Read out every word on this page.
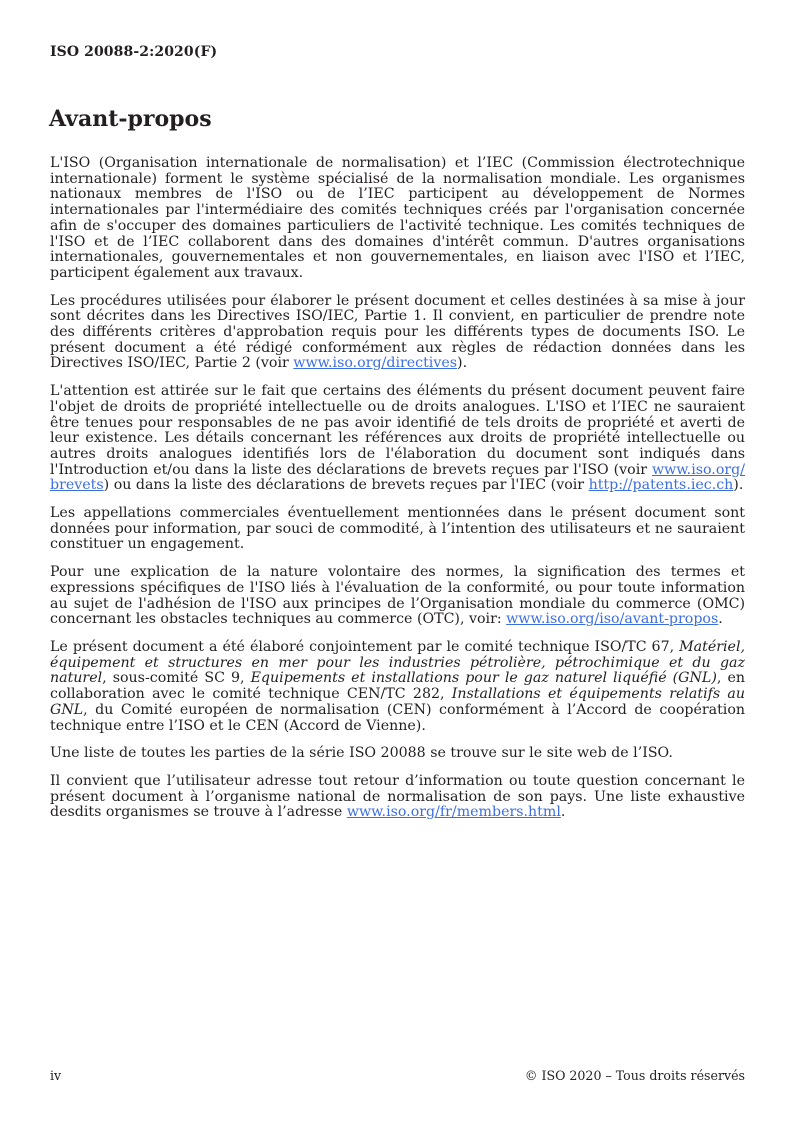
ISO 20088-2:2020(F)
Avant-propos

L'ISO (Organisation internationale de normalisation) et l’IEC (Commission électrotechnique internationale) forment le système spécialisé de la normalisation mondiale. Les organismes nationaux membres de l'ISO ou de l’IEC participent au développement de Normes internationales par l'intermédiaire des comités techniques créés par l'organisation concernée afin de s'occuper des domaines particuliers de l'activité technique. Les comités techniques de l'ISO et de l’IEC collaborent dans des domaines d'intérêt commun. D'autres organisations internationales, gouvernementales et non gouvernementales, en liaison avec l'ISO et l’IEC, participent également aux travaux.

Les procédures utilisées pour élaborer le présent document et celles destinées à sa mise à jour sont décrites dans les Directives ISO/IEC, Partie 1. Il convient, en particulier de prendre note des différents critères d'approbation requis pour les différents types de documents ISO. Le présent document a été rédigé conformément aux règles de rédaction données dans les Directives ISO/IEC, Partie 2 (voir www.iso.org/directives).

L'attention est attirée sur le fait que certains des éléments du présent document peuvent faire l'objet de droits de propriété intellectuelle ou de droits analogues. L'ISO et l’IEC ne sauraient être tenues pour responsables de ne pas avoir identifié de tels droits de propriété et averti de leur existence. Les détails concernant les références aux droits de propriété intellectuelle ou autres droits analogues identifiés lors de l'élaboration du document sont indiqués dans l'Introduction et/ou dans la liste des déclarations de brevets reçues par l'ISO (voir www.iso.org/brevets) ou dans la liste des déclarations de brevets reçues par l'IEC (voir http://patents.iec.ch).

Les appellations commerciales éventuellement mentionnées dans le présent document sont données pour information, par souci de commodité, à l’intention des utilisateurs et ne sauraient constituer un engagement.

Pour une explication de la nature volontaire des normes, la signification des termes et expressions spécifiques de l'ISO liés à l'évaluation de la conformité, ou pour toute information au sujet de l'adhésion de l'ISO aux principes de l’Organisation mondiale du commerce (OMC) concernant les obstacles techniques au commerce (OTC), voir: www.iso.org/iso/avant-propos.

Le présent document a été élaboré conjointement par le comité technique ISO/TC 67, Matériel, équipement et structures en mer pour les industries pétrolière, pétrochimique et du gaz naturel, sous-comité SC 9, Equipements et installations pour le gaz naturel liquéfié (GNL), en collaboration avec le comité technique CEN/TC 282, Installations et équipements relatifs au GNL, du Comité européen de normalisation (CEN) conformément à l’Accord de coopération technique entre l’ISO et le CEN (Accord de Vienne).

Une liste de toutes les parties de la série ISO 20088 se trouve sur le site web de l’ISO.

Il convient que l’utilisateur adresse tout retour d’information ou toute question concernant le présent document à l’organisme national de normalisation de son pays. Une liste exhaustive desdits organismes se trouve à l’adresse www.iso.org/fr/members.html.

iv	© ISO 2020 – Tous droits réservés
